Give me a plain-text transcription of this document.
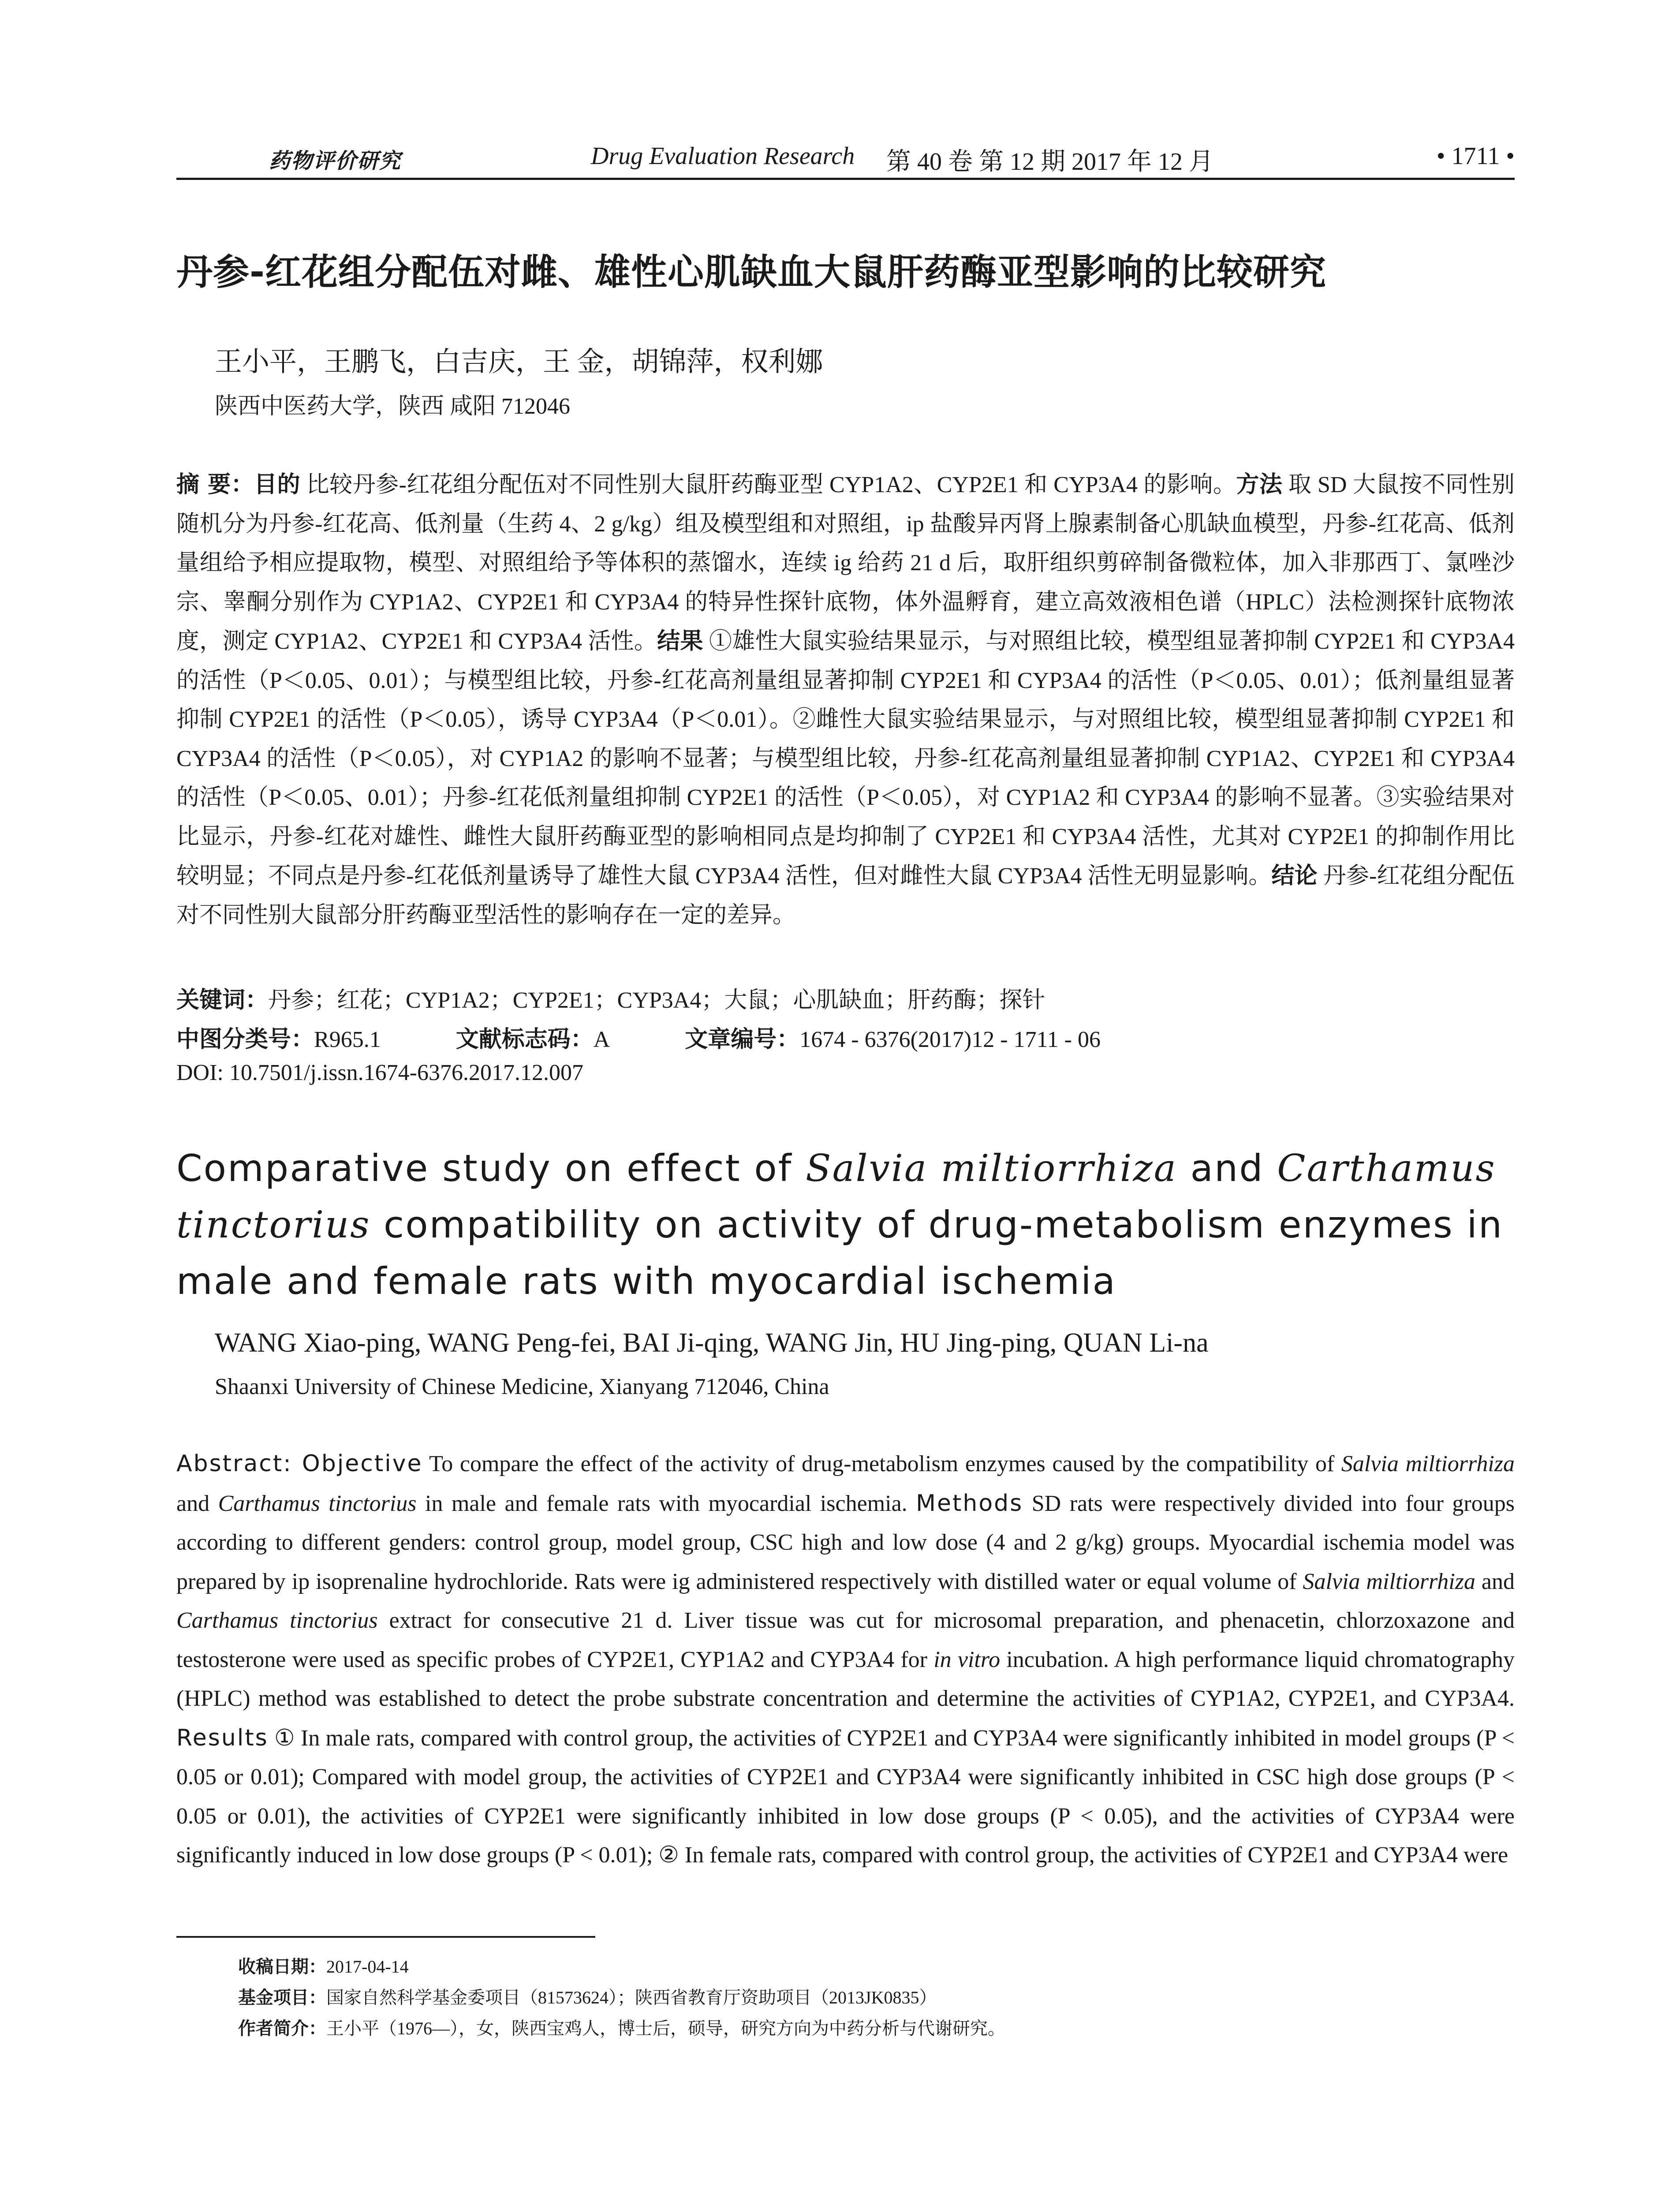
药物评价研究	Drug Evaluation Research 第 40 卷 第 12 期 2017 年 12 月	• 1711 •
丹参-红花组分配伍对雌、雄性心肌缺血大鼠肝药酶亚型影响的比较研究
王小平，王鹏飞，白吉庆，王 金，胡锦萍，权利娜
陕西中医药大学，陕西 咸阳 712046
摘 要：目的 比较丹参-红花组分配伍对不同性别大鼠肝药酶亚型 CYP1A2、CYP2E1 和 CYP3A4 的影响。方法 取 SD 大鼠按不同性别随机分为丹参-红花高、低剂量（生药 4、2 g/kg）组及模型组和对照组，ip 盐酸异丙肾上腺素制备心肌缺血模型，丹参-红花高、低剂量组给予相应提取物，模型、对照组给予等体积的蒸馏水，连续 ig 给药 21 d 后，取肝组织剪碎制备微粒体，加入非那西丁、氯唑沙宗、睾酮分别作为 CYP1A2、CYP2E1 和 CYP3A4 的特异性探针底物，体外温孵育，建立高效液相色谱（HPLC）法检测探针底物浓度，测定 CYP1A2、CYP2E1 和 CYP3A4 活性。结果 ①雄性大鼠实验结果显示，与对照组比较，模型组显著抑制 CYP2E1 和 CYP3A4 的活性（P＜0.05、0.01）；与模型组比较，丹参-红花高剂量组显著抑制 CYP2E1 和 CYP3A4 的活性（P＜0.05、0.01）；低剂量组显著抑制 CYP2E1 的活性（P＜0.05），诱导 CYP3A4（P＜0.01）。②雌性大鼠实验结果显示，与对照组比较，模型组显著抑制 CYP2E1 和 CYP3A4 的活性（P＜0.05），对 CYP1A2 的影响不显著；与模型组比较，丹参-红花高剂量组显著抑制 CYP1A2、CYP2E1 和 CYP3A4 的活性（P＜0.05、0.01）；丹参-红花低剂量组抑制 CYP2E1 的活性（P＜0.05），对 CYP1A2 和 CYP3A4 的影响不显著。③实验结果对比显示，丹参-红花对雄性、雌性大鼠肝药酶亚型的影响相同点是均抑制了 CYP2E1 和 CYP3A4 活性，尤其对 CYP2E1 的抑制作用比较明显；不同点是丹参-红花低剂量诱导了雄性大鼠 CYP3A4 活性，但对雌性大鼠 CYP3A4 活性无明显影响。结论 丹参-红花组分配伍对不同性别大鼠部分肝药酶亚型活性的影响存在一定的差异。
关键词：丹参；红花；CYP1A2；CYP2E1；CYP3A4；大鼠；心肌缺血；肝药酶；探针
中图分类号：R965.1	文献标志码：A	文章编号：1674 - 6376(2017)12 - 1711 - 06
DOI: 10.7501/j.issn.1674-6376.2017.12.007
Comparative study on effect of Salvia miltiorrhiza and Carthamus tinctorius compatibility on activity of drug-metabolism enzymes in male and female rats with myocardial ischemia
WANG Xiao-ping, WANG Peng-fei, BAI Ji-qing, WANG Jin, HU Jing-ping, QUAN Li-na
Shaanxi University of Chinese Medicine, Xianyang 712046, China
Abstract: Objective To compare the effect of the activity of drug-metabolism enzymes caused by the compatibility of Salvia miltiorrhiza and Carthamus tinctorius in male and female rats with myocardial ischemia. Methods SD rats were respectively divided into four groups according to different genders: control group, model group, CSC high and low dose (4 and 2 g/kg) groups. Myocardial ischemia model was prepared by ip isoprenaline hydrochloride. Rats were ig administered respectively with distilled water or equal volume of Salvia miltiorrhiza and Carthamus tinctorius extract for consecutive 21 d. Liver tissue was cut for microsomal preparation, and phenacetin, chlorzoxazone and testosterone were used as specific probes of CYP2E1, CYP1A2 and CYP3A4 for in vitro incubation. A high performance liquid chromatography (HPLC) method was established to detect the probe substrate concentration and determine the activities of CYP1A2, CYP2E1, and CYP3A4. Results ① In male rats, compared with control group, the activities of CYP2E1 and CYP3A4 were significantly inhibited in model groups (P < 0.05 or 0.01); Compared with model group, the activities of CYP2E1 and CYP3A4 were significantly inhibited in CSC high dose groups (P < 0.05 or 0.01), the activities of CYP2E1 were significantly inhibited in low dose groups (P < 0.05), and the activities of CYP3A4 were significantly induced in low dose groups (P < 0.01); ② In female rats, compared with control group, the activities of CYP2E1 and CYP3A4 were
收稿日期：2017-04-14
基金项目：国家自然科学基金委项目（81573624）；陕西省教育厅资助项目（2013JK0835）
作者简介：王小平（1976—），女，陕西宝鸡人，博士后，硕导，研究方向为中药分析与代谢研究。
